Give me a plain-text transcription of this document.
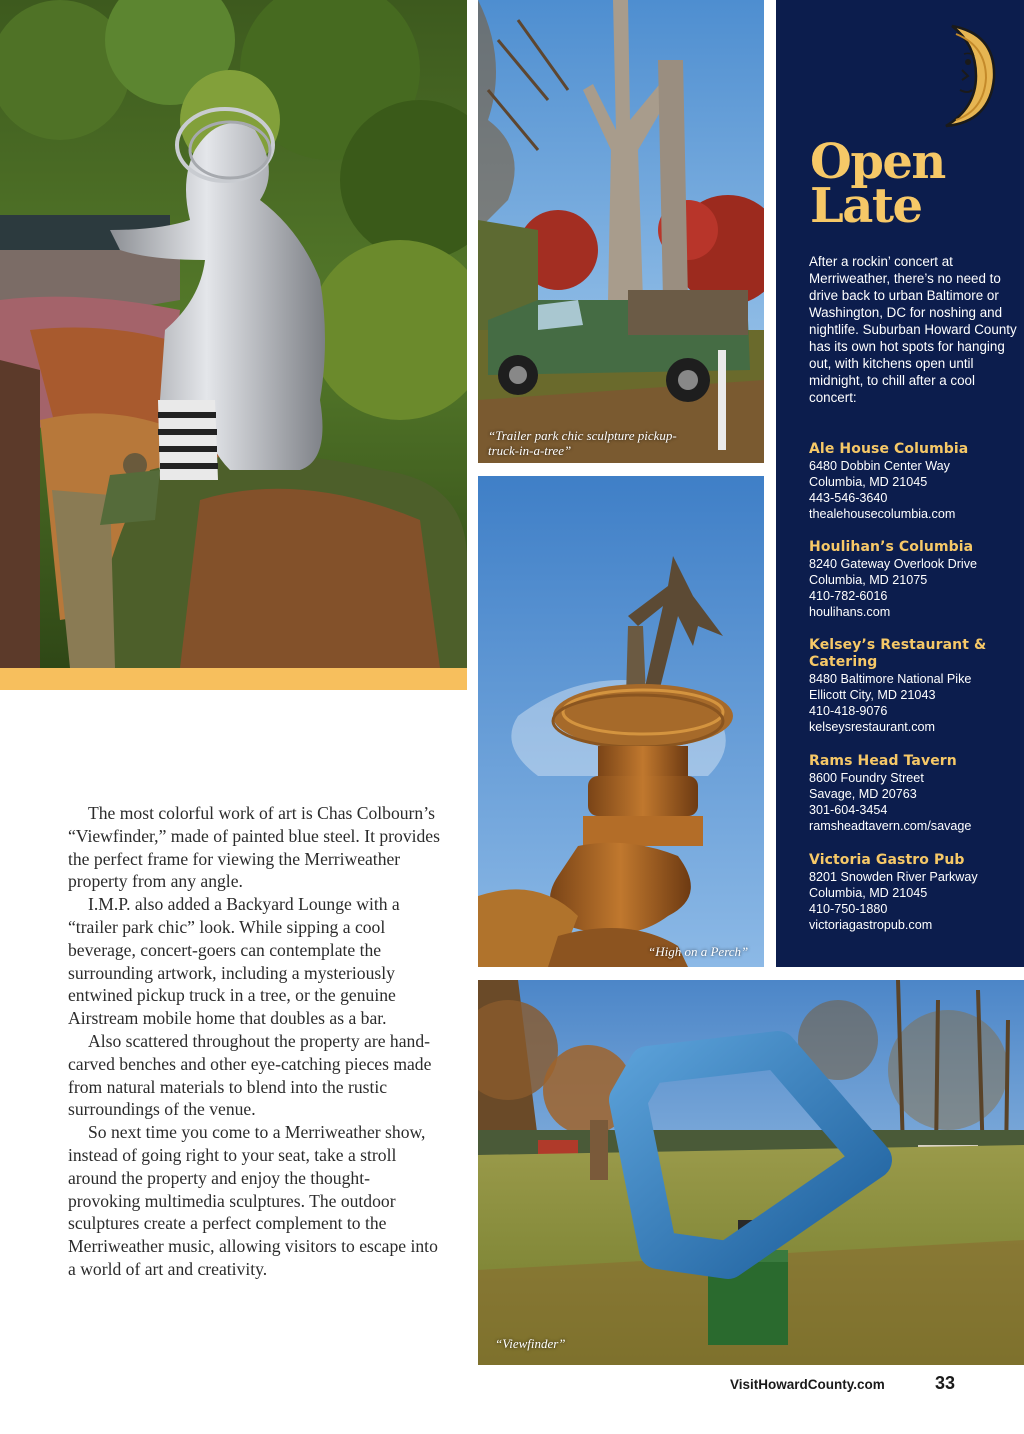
“Trailer park chic sculpture pickup-truck-in-a-tree”
“High on a Perch”
“Viewfinder”

The most colorful work of art is Chas Colbourn’s “Viewfinder,” made of painted blue steel. It provides the perfect frame for viewing the Merriweather property from any angle.

I.M.P. also added a Backyard Lounge with a “trailer park chic” look. While sipping a cool beverage, concert-goers can contemplate the surrounding artwork, including a mysteriously entwined pickup truck in a tree, or the genuine Airstream mobile home that doubles as a bar.

Also scattered throughout the property are hand-carved benches and other eye-catching pieces made from natural materials to blend into the rustic surroundings of the venue.

So next time you come to a Merriweather show, instead of going right to your seat, take a stroll around the property and enjoy the thought-provoking multimedia sculptures. The outdoor sculptures create a perfect complement to the Merriweather music, allowing visitors to escape into a world of art and creativity.

Open
Late
After a rockin’ concert at Merriweather, there’s no need to drive back to urban Baltimore or Washington, DC for noshing and nightlife. Suburban Howard County has its own hot spots for hanging out, with kitchens open until midnight, to chill after a cool concert:
Ale House Columbia
6480 Dobbin Center Way
Columbia, MD 21045
443-546-3640
thealehousecolumbia.com
Houlihan’s Columbia
8240 Gateway Overlook Drive
Columbia, MD 21075
410-782-6016
houlihans.com
Kelsey’s Restaurant & Catering
8480 Baltimore National Pike
Ellicott City, MD 21043
410-418-9076
kelseysrestaurant.com
Rams Head Tavern
8600 Foundry Street
Savage, MD 20763
301-604-3454
ramsheadtavern.com/savage
Victoria Gastro Pub
8201 Snowden River Parkway
Columbia, MD 21045
410-750-1880
victoriagastropub.com
VisitHowardCounty.com	33
